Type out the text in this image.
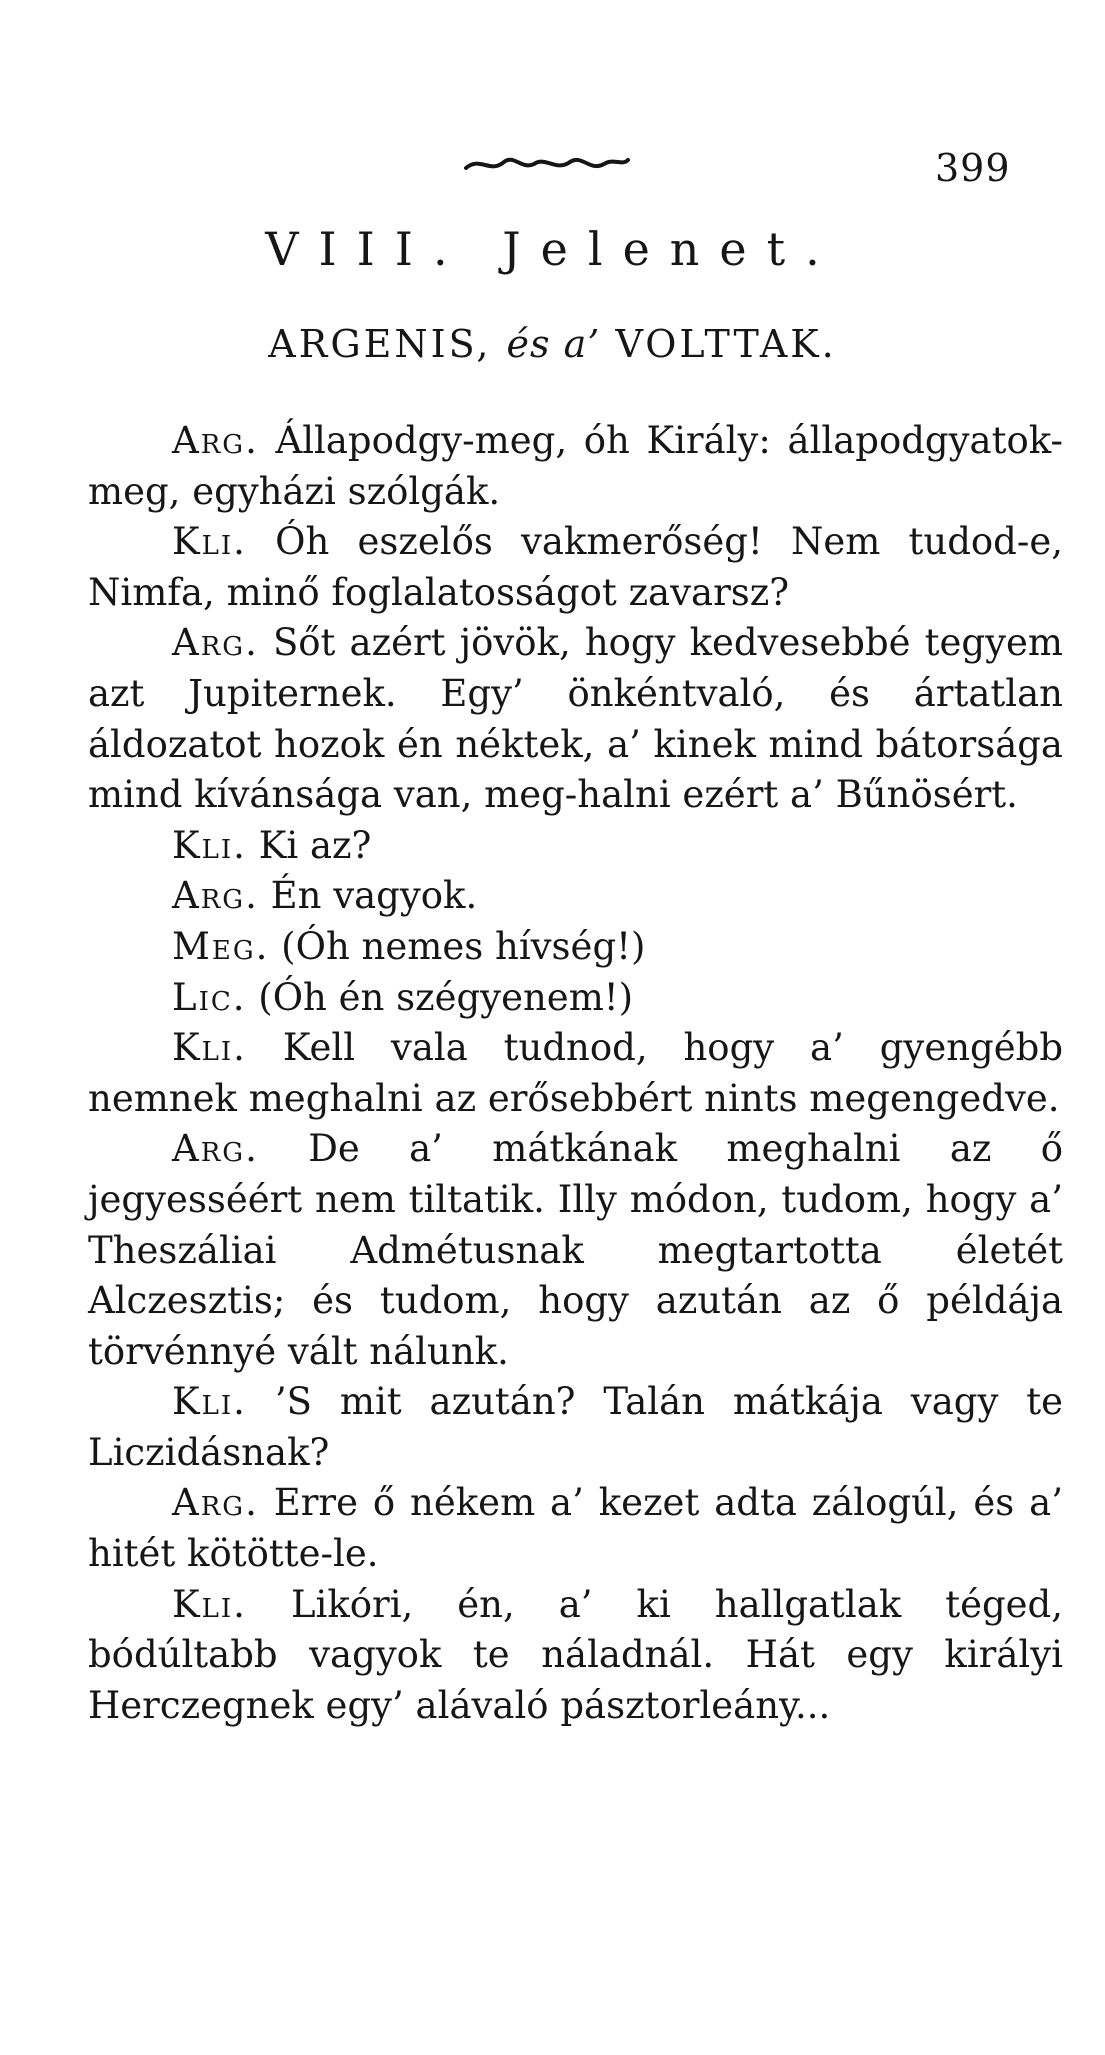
399
VIII. Jelenet.
ARGENIS, és a’ VOLTTAK.

Arg. Állapodgy-meg, óh Király: állapodgyatok-meg, egyházi szólgák.

Kli. Óh eszelős vakmerőség! Nem tudod-e, Nimfa, minő foglalatosságot zavarsz?

Arg. Sőt azért jövök, hogy kedvesebbé tegyem azt Jupiternek. Egy’ önkéntvaló, és ártatlan áldozatot hozok én néktek, a’ kinek mind bátorsága mind kívánsága van, meg-halni ezért a’ Bűnösért.

Kli. Ki az?

Arg. Én vagyok.

Meg. (Óh nemes hívség!)

Lic. (Óh én szégyenem!)

Kli. Kell vala tudnod, hogy a’ gyengébb nemnek meghalni az erősebbért nints megengedve.

Arg. De a’ mátkának meghalni az ő jegyesséért nem tiltatik. Illy módon, tudom, hogy a’ Theszáliai Admétusnak megtartotta életét Alczesztis; és tudom, hogy azután az ő példája törvénnyé vált nálunk.

Kli. ’S mit azután? Talán mátkája vagy te Liczidásnak?

Arg. Erre ő nékem a’ kezet adta zálogúl, és a’ hitét kötötte-le.

Kli. Likóri, én, a’ ki hallgatlak téged, bódúltabb vagyok te náladnál. Hát egy királyi Herczegnek egy’ alávaló pásztorleány...
